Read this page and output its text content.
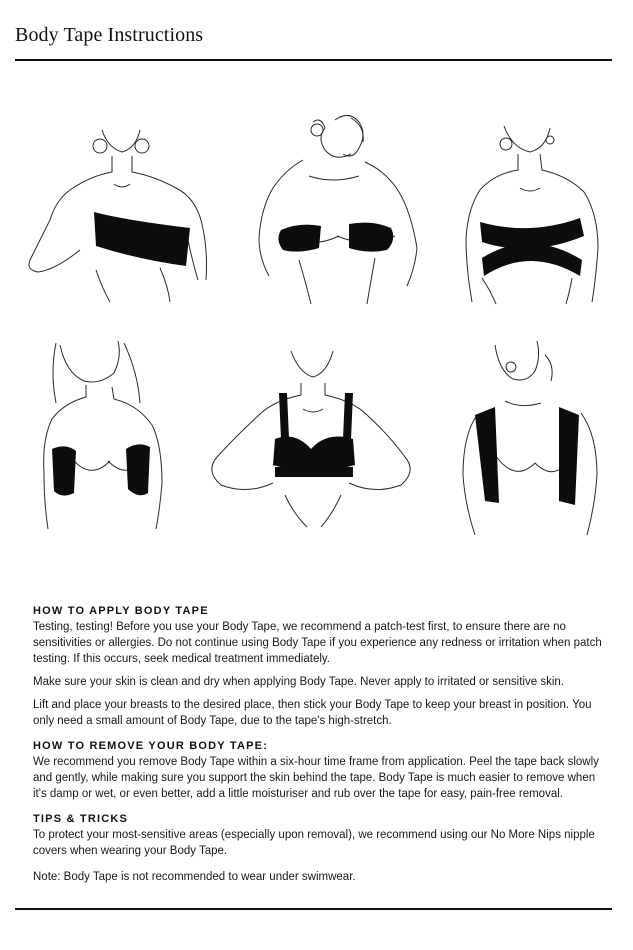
Body Tape Instructions
HOW TO APPLY BODY TAPE

Testing, testing! Before you use your Body Tape, we recommend a patch-test first, to ensure there are no sensitivities or allergies. Do not continue using Body Tape if you experience any redness or irritation when patch testing. If this occurs, seek medical treatment immediately.

Make sure your skin is clean and dry when applying Body Tape. Never apply to irritated or sensitive skin.

Lift and place your breasts to the desired place, then stick your Body Tape to keep your breast in position. You only need a small amount of Body Tape, due to the tape's high-stretch.

HOW TO REMOVE YOUR BODY TAPE:

We recommend you remove Body Tape within a six-hour time frame from application. Peel the tape back slowly and gently, while making sure you support the skin behind the tape. Body Tape is much easier to remove when it's damp or wet, or even better, add a little moisturiser and rub over the tape for easy, pain-free removal.

TIPS & TRICKS

To protect your most-sensitive areas (especially upon removal), we recommend using our No More Nips nipple covers when wearing your Body Tape.

Note: Body Tape is not recommended to wear under swimwear.
